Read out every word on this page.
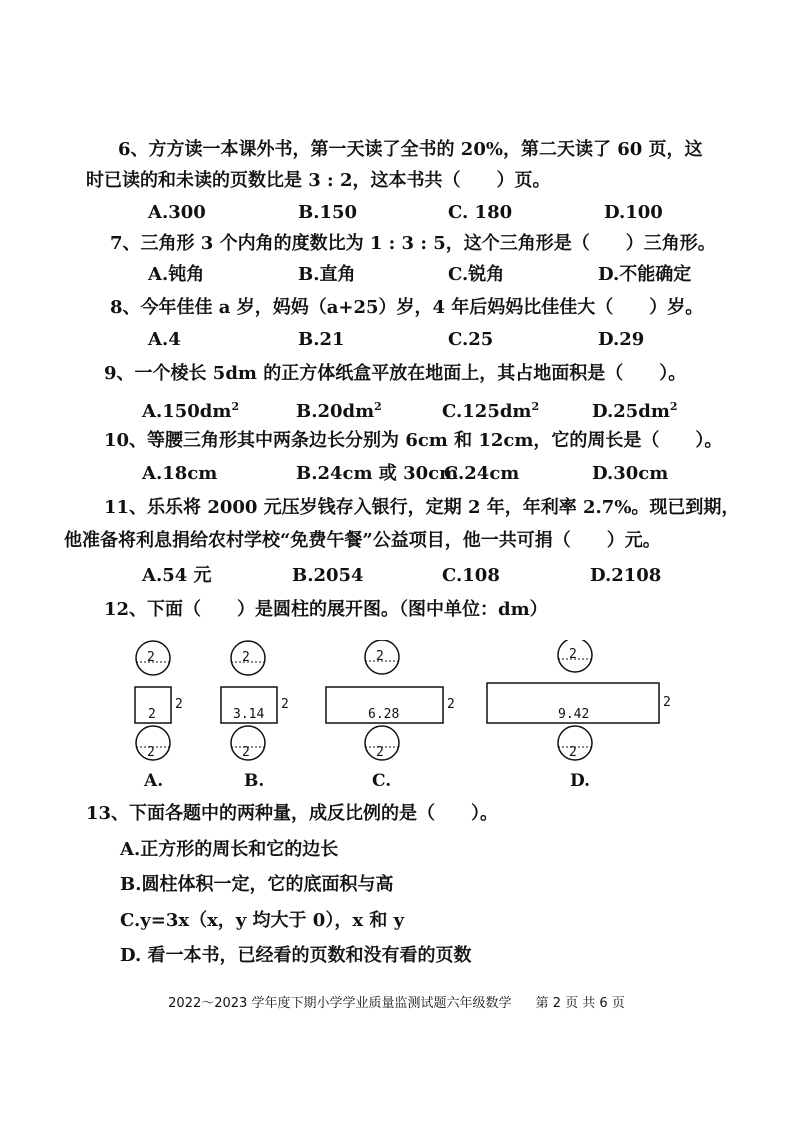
6、方方读一本课外书，第一天读了全书的 20%，第二天读了 60 页，这
时已读的和未读的页数比是 3 : 2，这本书共（　　）页。
A.300	B.150	C. 180	D.100
7、三角形 3 个内角的度数比为 1 : 3 : 5，这个三角形是（　　）三角形。
A.钝角	B.直角	C.锐角	D.不能确定
8、今年佳佳 a 岁，妈妈（a+25）岁，4 年后妈妈比佳佳大（　　）岁。
A.4	B.21	C.25	D.29
9、一个棱长 5dm 的正方体纸盒平放在地面上，其占地面积是（　　）。
$A.150dm^2$	$B.20dm^2$	$C.125dm^2$	$D.25dm^2$
10、等腰三角形其中两条边长分别为 6cm 和 12cm，它的周长是（　　）。
A.18cm	B.24cm 或 30cm
C.24cm	D.30cm
11、乐乐将 2000 元压岁钱存入银行，定期 2 年，年利率 2.7%。现已到期，
他准备将利息捐给农村学校“免费午餐”公益项目，他一共可捐（　　）元。
A.54 元	B.2054	C.108	D.2108
12、下面（　　）是圆柱的展开图。（图中单位：dm）
2
2
2
2
A.
2
3.14
2
2
B.
2
6.28
2
2
C.
2
9.42
2
2
D.
13、下面各题中的两种量，成反比例的是（　　）。
A.正方形的周长和它的边长
B.圆柱体积一定，它的底面积与高
C.y=3x（x，y 均大于 0），x 和 y
D. 看一本书，已经看的页数和没有看的页数
2022～2023 学年度下期小学学业质量监测试题六年级数学 第 2 页 共 6 页
